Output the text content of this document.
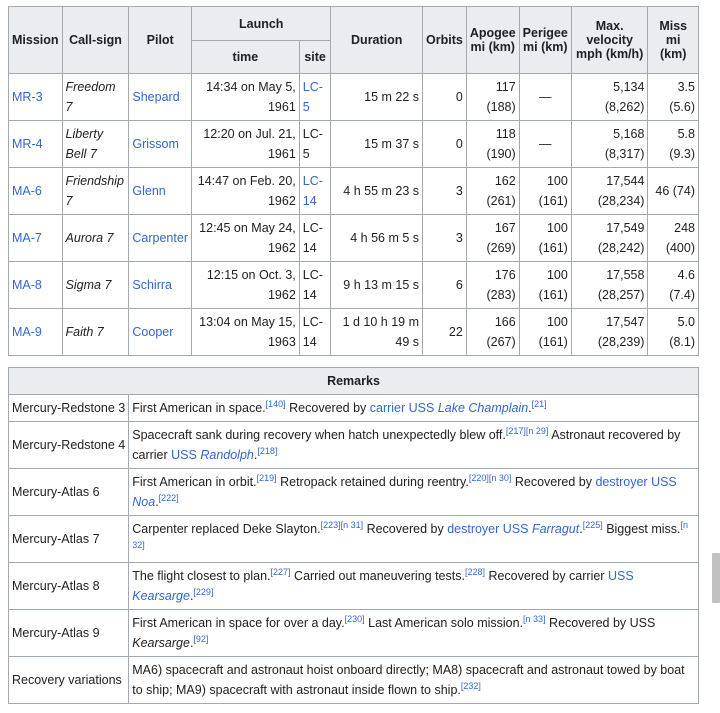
Mission	Call-sign	Pilot	Launch		Duration	Orbits	Apogee mi (km)	Perigee mi (km)	Max. velocity mph (km/h)	Miss mi (km)
			time	site						
MR-3	Freedom 7	Shepard	14:34 on May 5, 1961	LC-5	15 m 22 s	0	117 (188)	—	5,134 (8,262)	3.5 (5.6)
MR-4	Liberty Bell 7	Grissom	12:20 on Jul. 21, 1961	LC-5	15 m 37 s	0	118 (190)	—	5,168 (8,317)	5.8 (9.3)
MA-6	Friendship 7	Glenn	14:47 on Feb. 20, 1962	LC-14	4 h 55 m 23 s	3	162 (261)	100 (161)	17,544 (28,234)	46 (74)
MA-7	Aurora 7	Carpenter	12:45 on May 24, 1962	LC-14	4 h 56 m 5 s	3	167 (269)	100 (161)	17,549 (28,242)	248 (400)
MA-8	Sigma 7	Schirra	12:15 on Oct. 3, 1962	LC-14	9 h 13 m 15 s	6	176 (283)	100 (161)	17,558 (28,257)	4.6 (7.4)
MA-9	Faith 7	Cooper	13:04 on May 15, 1963	LC-14	1 d 10 h 19 m 49 s	22	166 (267)	100 (161)	17,547 (28,239)	5.0 (8.1)
Remarks	
Mercury-Redstone 3	First American in space.[140] Recovered by carrier USS Lake Champlain.[21]
Mercury-Redstone 4	Spacecraft sank during recovery when hatch unexpectedly blew off.[217][n 29] Astronaut recovered by carrier USS Randolph.[218]
Mercury-Atlas 6	First American in orbit.[219] Retropack retained during reentry.[220][n 30] Recovered by destroyer USS Noa.[222]
Mercury-Atlas 7	Carpenter replaced Deke Slayton.[223][n 31] Recovered by destroyer USS Farragut.[225] Biggest miss.[n 32]
Mercury-Atlas 8	The flight closest to plan.[227] Carried out maneuvering tests.[228] Recovered by carrier USS Kearsarge.[229]
Mercury-Atlas 9	First American in space for over a day.[230] Last American solo mission.[n 33] Recovered by USS Kearsarge.[92]
Recovery variations	MA6) spacecraft and astronaut hoist onboard directly; MA8) spacecraft and astronaut towed by boat to ship; MA9) spacecraft with astronaut inside flown to ship.[232]
